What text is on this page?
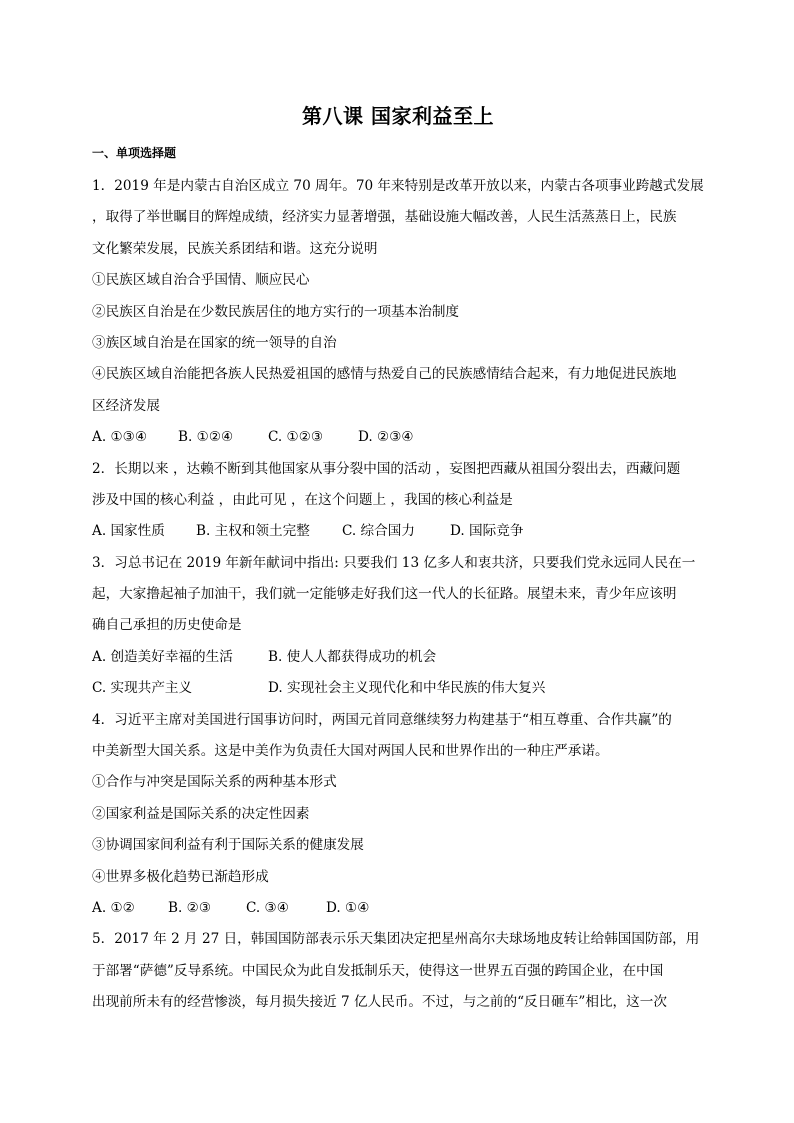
第八课 国家利益至上
一、单项选择题
1．2019 年是内蒙古自治区成立 70 周年。70 年来特别是改革开放以来，内蒙古各项事业跨越式发展
，取得了举世瞩目的辉煌成绩，经济实力显著增强，基础设施大幅改善，人民生活蒸蒸日上，民族
文化繁荣发展，民族关系团结和谐。这充分说明
①民族区域自治合乎国情、顺应民心
②民族区自治是在少数民族居住的地方实行的一项基本治制度
③族区域自治是在国家的统一领导的自治
④民族区域自治能把各族人民热爱祖国的感情与热爱自己的民族感情结合起来，有力地促进民族地
区经济发展
A. ①③④	B. ①②④	C. ①②③	D. ②③④
2．长期以来 ，达赖不断到其他国家从事分裂中国的活动 ，妄图把西藏从祖国分裂出去，西藏问题
涉及中国的核心利益 ，由此可见 ，在这个问题上 ，我国的核心利益是
A. 国家性质	B. 主权和领土完整	C. 综合国力	D. 国际竞争
3．习总书记在 2019 年新年献词中指出: 只要我们 13 亿多人和衷共济，只要我们党永远同人民在一
起，大家撸起袖子加油干，我们就一定能够走好我们这一代人的长征路。展望未来，青少年应该明
确自己承担的历史使命是
A. 创造美好幸福的生活	B. 使人人都获得成功的机会
C. 实现共产主义	D. 实现社会主义现代化和中华民族的伟大复兴
4．习近平主席对美国进行国事访问时，两国元首同意继续努力构建基于“相互尊重、合作共赢”的
中美新型大国关系。这是中美作为负责任大国对两国人民和世界作出的一种庄严承诺。
①合作与冲突是国际关系的两种基本形式
②国家利益是国际关系的决定性因素
③协调国家间利益有利于国际关系的健康发展
④世界多极化趋势已渐趋形成
A. ①②	B. ②③	C. ③④	D. ①④
5．2017 年 2 月 27 日，韩国国防部表示乐天集团决定把星州高尔夫球场地皮转让给韩国国防部，用
于部署“萨德”反导系统。中国民众为此自发抵制乐天，使得这一世界五百强的跨国企业，在中国
出现前所未有的经营惨淡，每月损失接近 7 亿人民币。不过，与之前的“反日砸车”相比，这一次
